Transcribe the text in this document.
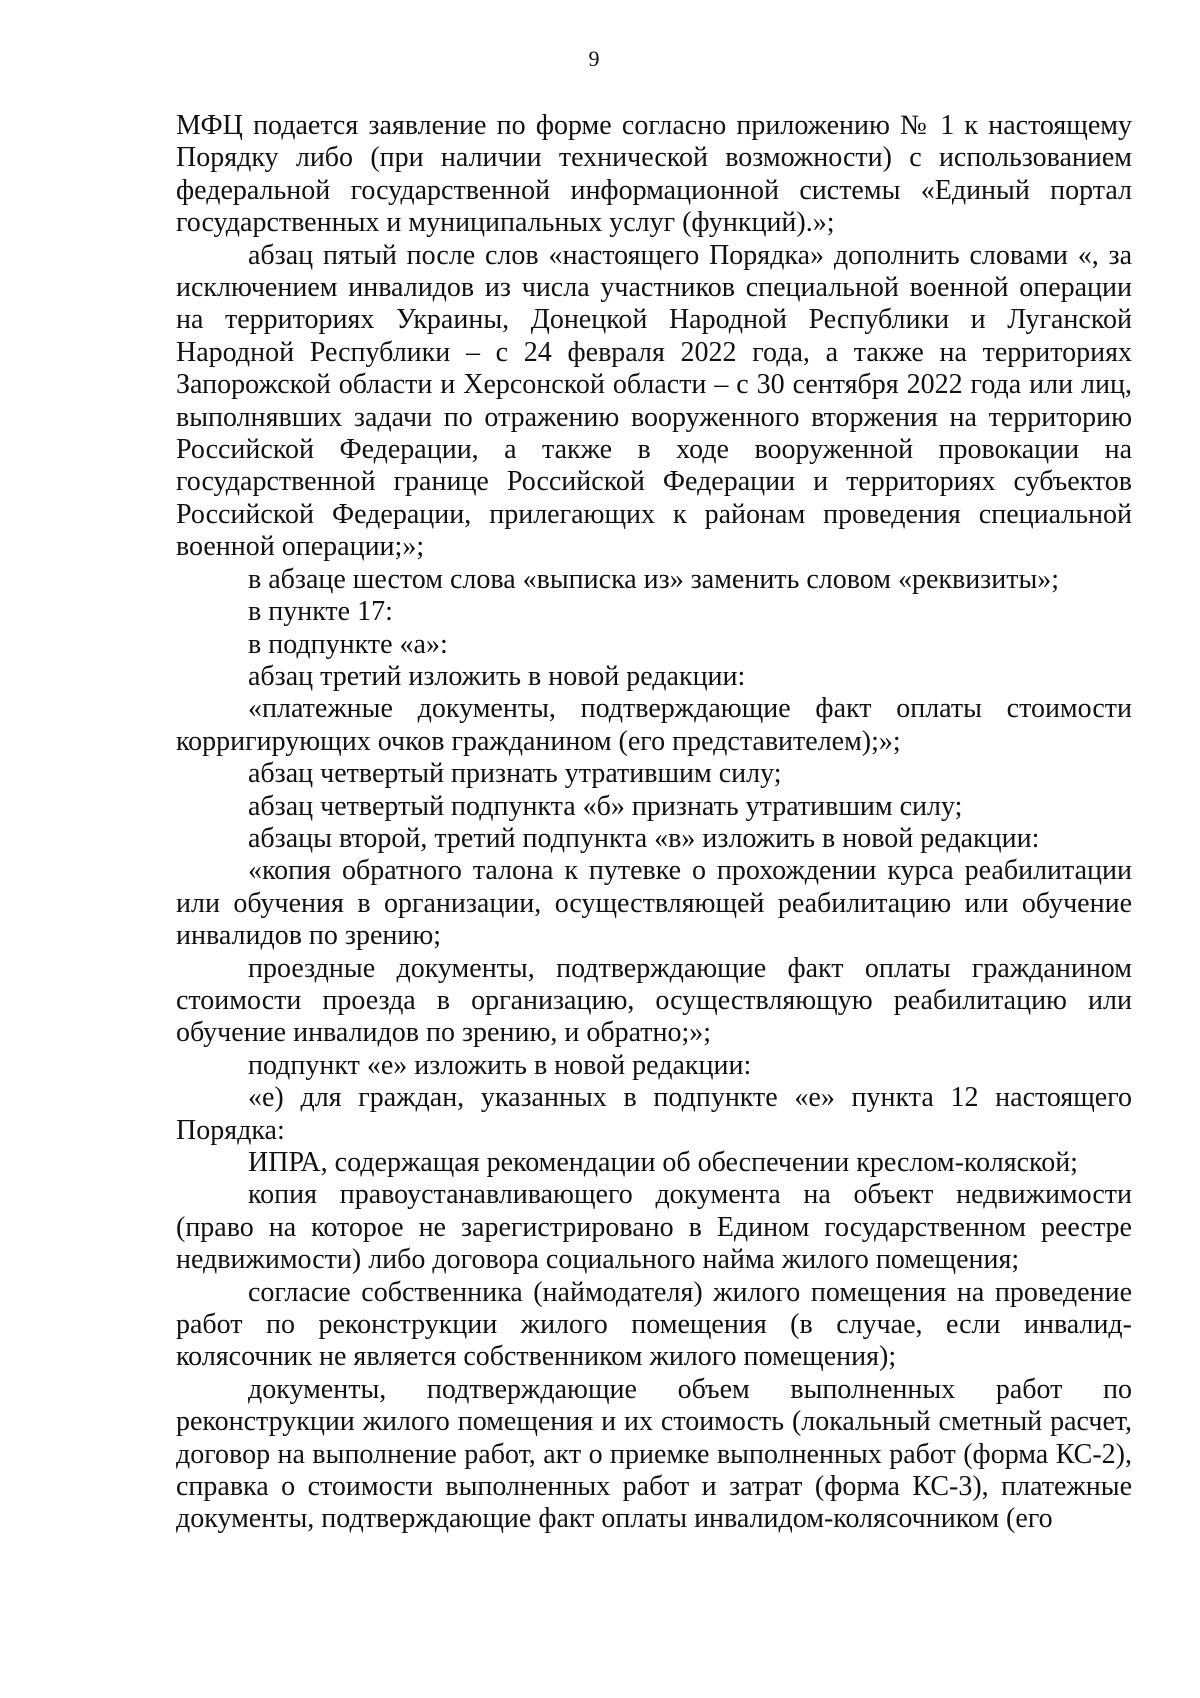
9

МФЦ подается заявление по форме согласно приложению № 1 к настоящему Порядку либо (при наличии технической возможности) с использованием федеральной государственной информационной системы «Единый портал государственных и муниципальных услуг (функций).»;

абзац пятый после слов «настоящего Порядка» дополнить словами «, за исключением инвалидов из числа участников специальной военной операции на территориях Украины, Донецкой Народной Республики и Луганской Народной Республики – с 24 февраля 2022 года, а также на территориях Запорожской области и Херсонской области – с 30 сентября 2022 года или лиц, выполнявших задачи по отражению вооруженного вторжения на территорию Российской Федерации, а также в ходе вооруженной провокации на государственной границе Российской Федерации и территориях субъектов Российской Федерации, прилегающих к районам проведения специальной военной операции;»;

в абзаце шестом слова «выписка из» заменить словом «реквизиты»;

в пункте 17:

в подпункте «а»:

абзац третий изложить в новой редакции:

«платежные документы, подтверждающие факт оплаты стоимости корригирующих очков гражданином (его представителем);»;

абзац четвертый признать утратившим силу;

абзац четвертый подпункта «б» признать утратившим силу;

абзацы второй, третий подпункта «в» изложить в новой редакции:

«копия обратного талона к путевке о прохождении курса реабилитации или обучения в организации, осуществляющей реабилитацию или обучение инвалидов по зрению;

проездные документы, подтверждающие факт оплаты гражданином стоимости проезда в организацию, осуществляющую реабилитацию или обучение инвалидов по зрению, и обратно;»;

подпункт «е» изложить в новой редакции:

«е) для граждан, указанных в подпункте «е» пункта 12 настоящего Порядка:

ИПРА, содержащая рекомендации об обеспечении креслом-коляской;

копия правоустанавливающего документа на объект недвижимости (право на которое не зарегистрировано в Едином государственном реестре недвижимости) либо договора социального найма жилого помещения;

согласие собственника (наймодателя) жилого помещения на проведение работ по реконструкции жилого помещения (в случае, если инвалид-колясочник не является собственником жилого помещения);

документы, подтверждающие объем выполненных работ по реконструкции жилого помещения и их стоимость (локальный сметный расчет, договор на выполнение работ, акт о приемке выполненных работ (форма КС-2), справка о стоимости выполненных работ и затрат (форма КС-3), платежные документы, подтверждающие факт оплаты инвалидом-колясочником (его
